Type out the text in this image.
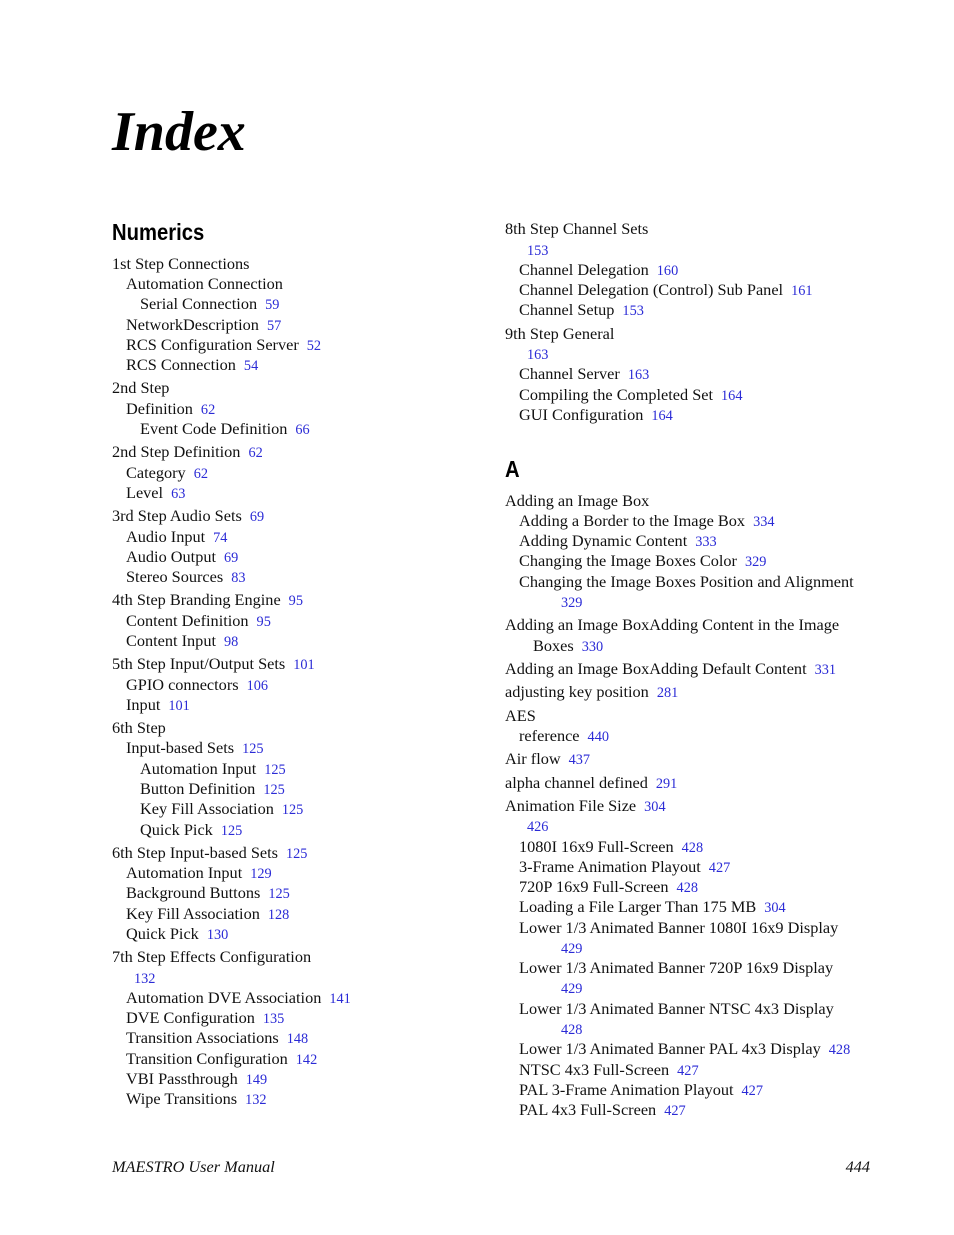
Index
Numerics
1st Step Connections
Automation Connection
Serial Connection 59
NetworkDescription 57
RCS Configuration Server 52
RCS Connection 54
2nd Step
Definition 62
Event Code Definition 66
2nd Step Definition 62
Category 62
Level 63
3rd Step Audio Sets 69
Audio Input 74
Audio Output 69
Stereo Sources 83
4th Step Branding Engine 95
Content Definition 95
Content Input 98
5th Step Input/Output Sets 101
GPIO connectors 106
Input 101
6th Step
Input-based Sets 125
Automation Input 125
Button Definition 125
Key Fill Association 125
Quick Pick 125
6th Step Input-based Sets 125
Automation Input 129
Background Buttons 125
Key Fill Association 128
Quick Pick 130
7th Step Effects Configuration
132
Automation DVE Association 141
DVE Configuration 135
Transition Associations 148
Transition Configuration 142
VBI Passthrough 149
Wipe Transitions 132
8th Step Channel Sets
153
Channel Delegation 160
Channel Delegation (Control) Sub Panel 161
Channel Setup 153
9th Step General
163
Channel Server 163
Compiling the Completed Set 164
GUI Configuration 164
A
Adding an Image Box
Adding a Border to the Image Box 334
Adding Dynamic Content 333
Changing the Image Boxes Color 329
Changing the Image Boxes Position and Alignment
329
Adding an Image BoxAdding Content in the Image
Boxes 330
Adding an Image BoxAdding Default Content 331
adjusting key position 281
AES
reference 440
Air flow 437
alpha channel defined 291
Animation File Size 304
426
1080I 16x9 Full-Screen 428
3-Frame Animation Playout 427
720P 16x9 Full-Screen 428
Loading a File Larger Than 175 MB 304
Lower 1/3 Animated Banner 1080I 16x9 Display
429
Lower 1/3 Animated Banner 720P 16x9 Display
429
Lower 1/3 Animated Banner NTSC 4x3 Display
428
Lower 1/3 Animated Banner PAL 4x3 Display 428
NTSC 4x3 Full-Screen 427
PAL 3-Frame Animation Playout 427
PAL 4x3 Full-Screen 427
MAESTRO User Manual	444
